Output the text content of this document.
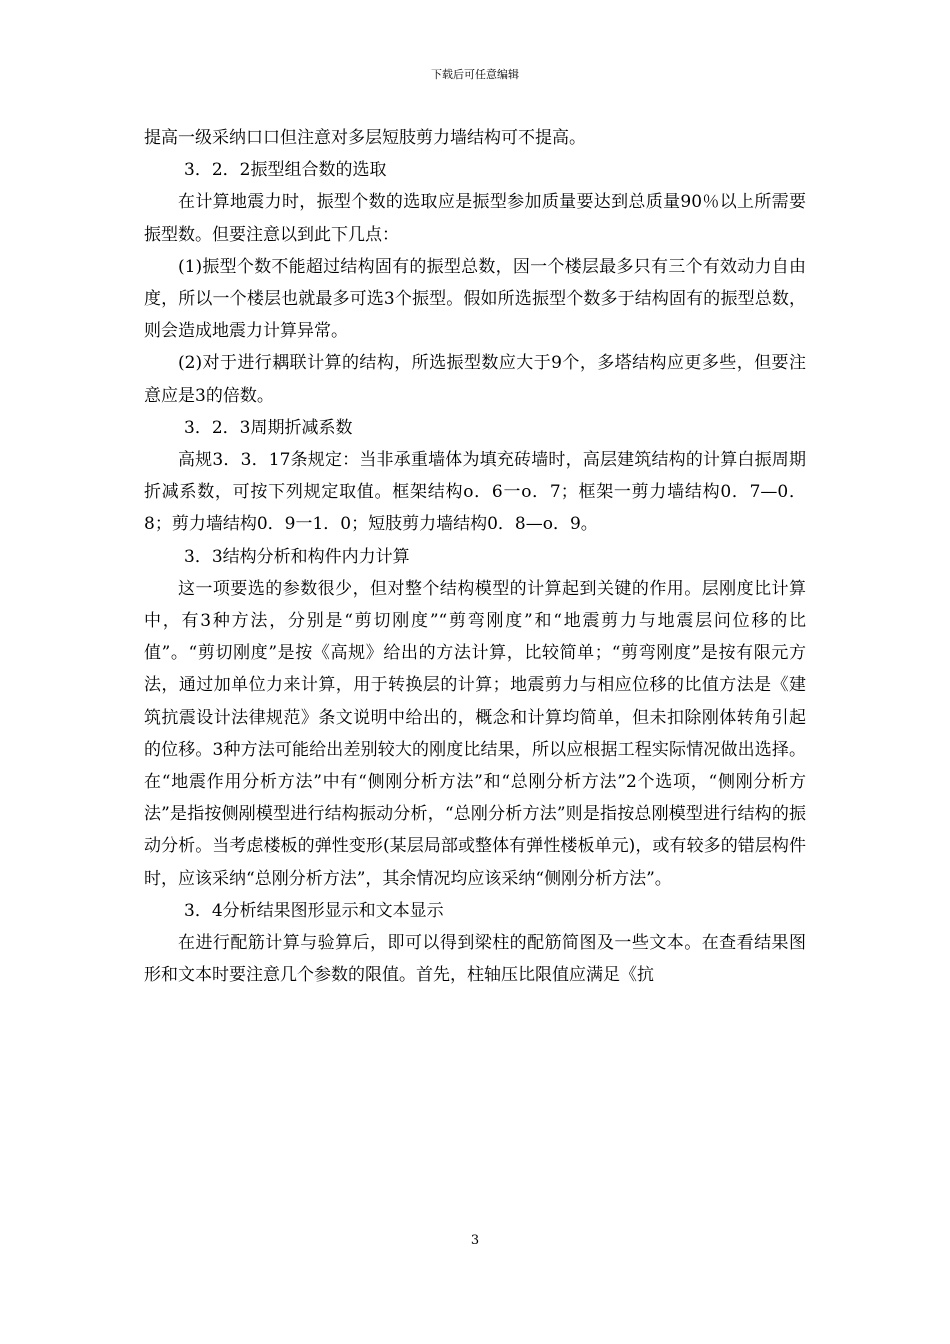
下载后可任意编辑

提高一级采纳口口但注意对多层短肢剪力墙结构可不提高。

3．2．2振型组合数的选取

在计算地震力时，振型个数的选取应是振型参加质量要达到总质量90％以上所需要振型数。但要注意以到此下几点：

(1)振型个数不能超过结构固有的振型总数，因一个楼层最多只有三个有效动力自由度，所以一个楼层也就最多可选3个振型。假如所选振型个数多于结构固有的振型总数，则会造成地震力计算异常。

(2)对于进行耦联计算的结构，所选振型数应大于9个，多塔结构应更多些，但要注意应是3的倍数。

3．2．3周期折减系数

高规3．3．17条规定：当非承重墙体为填充砖墙时，高层建筑结构的计算白振周期折减系数，可按下列规定取值。框架结构o．6一o．7；框架一剪力墙结构0．7—0．8；剪力墙结构0．9一1．0；短肢剪力墙结构0．8—o．9。

3．3结构分析和构件内力计算

这一项要选的参数很少，但对整个结构模型的计算起到关键的作用。层刚度比计算中，有3种方法，分别是“剪切刚度”“剪弯刚度”和“地震剪力与地震层问位移的比值”。“剪切刚度”是按《高规》给出的方法计算，比较简单；“剪弯刚度”是按有限元方法，通过加单位力来计算，用于转换层的计算；地震剪力与相应位移的比值方法是《建筑抗震设计法律规范》条文说明中给出的，概念和计算均简单，但未扣除刚体转角引起的位移。3种方法可能给出差别较大的刚度比结果，所以应根据工程实际情况做出选择。在“地震作用分析方法”中有“侧刚分析方法”和“总刚分析方法”2个选项，“侧刚分析方法”是指按侧剐模型进行结构振动分析，“总刚分析方法”则是指按总刚模型进行结构的振动分析。当考虑楼板的弹性变形(某层局部或整体有弹性楼板单元)，或有较多的错层构件时，应该采纳“总刚分析方法”，其余情况均应该采纳“侧刚分析方法”。

3．4分析结果图形显示和文本显示

在进行配筋计算与验算后，即可以得到梁柱的配筋简图及一些文本。在查看结果图形和文本时要注意几个参数的限值。首先，柱轴压比限值应满足《抗

3
